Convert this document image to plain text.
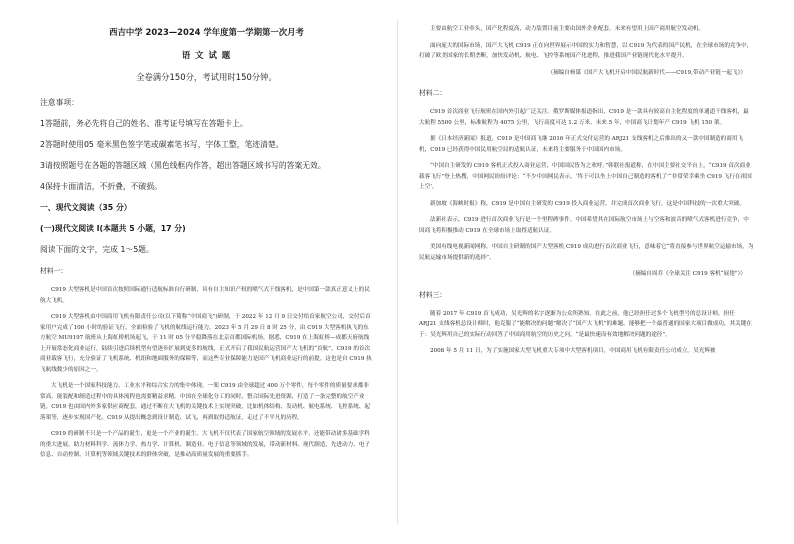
西吉中学 2023—2024 学年度第一学期第一次月考
语 文 试 题
全卷满分150分，考试用时150分钟。
注意事项：
1答题前，务必先将自己的姓名、准考证号填写在答题卡上。
2答题时使用05 毫米黑色签字笔或碳素笔书写，字体工整，笔迹清楚。
3请按照题号在各题的答题区域（黑色线框内作答，超出答题区域书写的答案无效。
4保持卡面清洁，不折叠，不破损。
一、现代文阅读（35 分）
(一)现代文阅读 I(本题共 5 小题，17 分)
阅读下面的文字，完成 1～5题。
材料一：

C919 大型客机是中国首次按照国际通行适航标准自行研制、具有自主知识产权的喷气式干线客机，是中国第一款真正意义上的民航大飞机。

C919 大型客机由中国商用飞机有限责任公司(以下简称“中国商飞”)研制，于 2022 年 12 月 9 日交付给首家航空公司，交付后首家用户完成了100 小时的验证飞行，全面检验了飞机的航线运行能力。2023 年 5 月 29 日 8 时 25 分，由 C919 大型客机执飞的东方航空 MU9197 航班从上海虹桥机场起飞，于 11 时 05 分平稳降落在北京首都国际机场。据悉，C919 在上海虹桥—成都天府航线上开展常态化商业运行，陆续引进后续机型有望逐步扩展到更多的航线，正式开启了我国民航运营国产大飞机的“首航”，C919 的首次商业载客飞行，充分验证了飞机系统、机组和地面服务的保障等，而这些专业保障能力是国产飞机商业运行的前提。这也是自 C919 执飞航线数少的原因之一。

大飞机是一个国家科技能力、工业水平和综合实力的集中体现。一架 C919 由全球超过 400 万个零件，每个零件的质量要求都非常高，能装配和制造过程中的具体流程也需要精益求精。中国在全球化分工的同时，整合国际先进资源，打造了一条完整的航空产业链。C919 也由国内外多家供应商配套，通过不断在大飞机的关键技术上实现突破，比如机体结构、发动机、航电系统、飞控系统、起落架等，逐步实现国产化。C919 从提出概念到设计制造、试飞，再到取得适航证，走过了不平凡的历程。

C919 的研制不只是一个产品的诞生，更是一个产业的诞生。大飞机不仅代表了国家航空领域的发展水平，还能带动诸多基础学科的重大进展，助力材料科学、流体力学、热力学、计算机、制造业、电子信息等领域的发展，带动新材料、现代制造、先进动力、电子信息、自动控制、计算机等领域关键技术的群体突破，是推动高质量发展的重要抓手。

主要由航空工业牵头，国产化程度高，动力装置目前主要由国外企业配套，未来有望用上国产商用航空发动机。

面向庞大的国际市场，国产大飞机 C919 正在向世界展示中国的实力和智慧，以 C919 为代表的国产民机，在全球市场的竞争中，打破了欧美国家的长期垄断，加快发动机、航电、飞控等系统国产化进程，推进我国产业链现代化水平提升。

（摘编自杨谋《国产大飞机开启中国民航新时代——C919,带动产业链一起飞》）
材料二：

C919 首次商业飞行航班在国内外引起广泛关注。俄罗斯媒体报道指出，C919 是一款具有较高自主化程度的单通道干线客机，最大航程 5500 公里，标准航程为 4075 公里，飞行高度可达 1.2 万米。未来 5 年，中国商飞计划年产 C919 飞机 150 架。

据《日本经济新闻》报道，C919 是中国商飞继 2016 年正式交付运营的 ARJ21 支线客机之后推出的又一款中国制造的商用飞机，C919 已经获得中国民用航空局的适航认证，未来将主要服务于中国国内市场。

“中国自主研发的 C919 客机正式投入商业运营，中国国民皆为之欢呼。”韩联社报道称，在中国主要社交平台上，“C919 首次商业载客飞行”登上热搜，中国网民纷纷评论：“不少中国网民表示，‘终于可以坐上中国自己制造的客机了’“非常荣幸乘坐 C919 飞行在祖国上空’。

新加坡《海峡时报》称，C919 是中国自主研发的 C919 投入商业运营，并完成首次商业飞行，这是中国科技的一次重大突破。

法新社表示，C919 进行首次商业飞行是一个里程碑事件。中国希望其在国际航空市场上与空客和波音的喷气式客机进行竞争，中国商飞将积极推动 C919 在全球市场上取得适航认证。

美国有线电视新闻网称，中国自主研制的国产大型客机 C919 成功进行首次商业飞行，意味着它“将直接参与世界航空运输市场，为民航运输市场提供新的选择”。

（摘编自周乔《全球关注 C919 客机“展翅”》）
材料三：

随着 2017 年 C919 首飞成功，吴光辉的名字逐渐为公众所熟知。在此之前，他已经担任过多个飞机型号的总设计师，担任 ARJ21 支线客机总设计师时，他克服了“能解决的问题”解决了“国产大飞机”的难题。能够把一个最普通的国家大项目做成功，其关键在于：吴光辉用自己的实际行动回答了中国商用航空的历史之问，“是最快速而有效地解决问题的途径”。

2008 年 5 月 11 日，为了实施国家大型飞机重大专项中大型客机项目，中国商用飞机有限责任公司成立。吴光辉被
